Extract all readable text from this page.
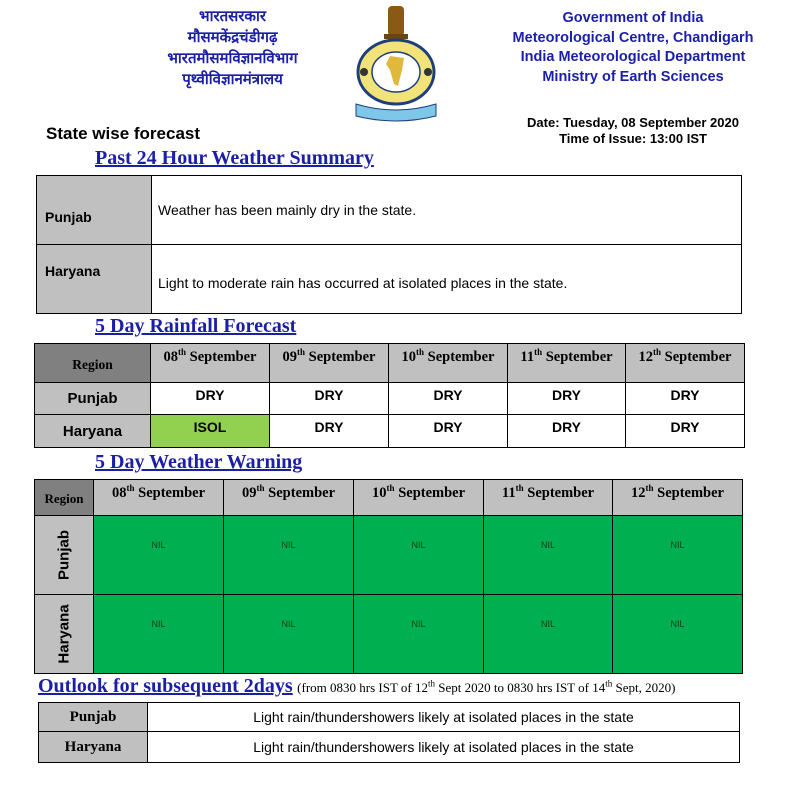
भारतसरकार
मौसमकेंद्रचंडीगढ़
भारतमौसमविज्ञानविभाग
पृथ्वीविज्ञानमंत्रालय
Government of India
Meteorological Centre, Chandigarh
India Meteorological Department
Ministry of Earth Sciences
Date: Tuesday, 08 September 2020
Time of Issue: 13:00 IST
State wise forecast
Past 24 Hour Weather Summary
Punjab	Weather has been mainly dry in the state.
Haryana	Light to moderate rain has occurred at isolated places in the state.
5 Day Rainfall Forecast
Region	08th September	09th September	10th September	11th September	12th September
Punjab	DRY	DRY	DRY	DRY	DRY
Haryana	ISOL	DRY	DRY	DRY	DRY
5 Day Weather Warning
Region	08th September	09th September	10th September	11th September	12th September

Punjab	NIL	NIL	NIL	NIL	NIL

Haryana	NIL	NIL	NIL	NIL	NIL
Outlook for subsequent 2days (from 0830 hrs IST of 12th Sept 2020 to 0830 hrs IST of 14th Sept, 2020)
Punjab	Light rain/thundershowers likely at isolated places in the state
Haryana	Light rain/thundershowers likely at isolated places in the state
